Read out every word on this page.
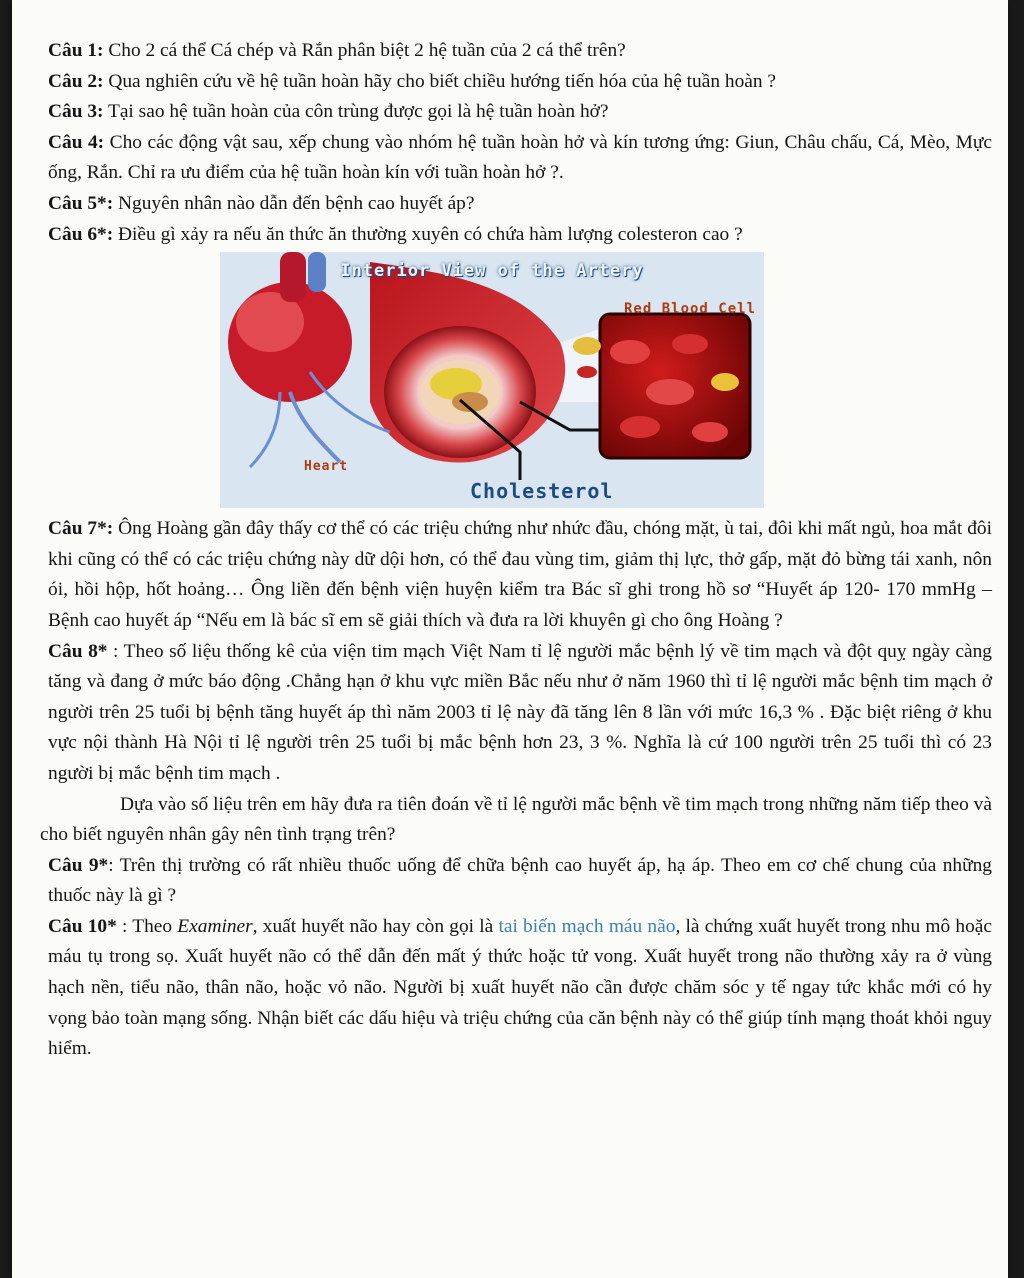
Câu 1: Cho 2 cá thể Cá chép và Rắn phân biệt 2 hệ tuần của 2 cá thể trên?

Câu 2: Qua nghiên cứu về hệ tuần hoàn hãy cho biết chiều hướng tiến hóa của hệ tuần hoàn ?

Câu 3: Tại sao hệ tuần hoàn của côn trùng được gọi là hệ tuần hoàn hở?

Câu 4: Cho các động vật sau, xếp chung vào nhóm hệ tuần hoàn hở và kín tương ứng: Giun, Châu chấu, Cá, Mèo, Mực ống, Rắn. Chỉ ra ưu điểm của hệ tuần hoàn kín với tuần hoàn hở ?.

Câu 5*: Nguyên nhân nào dẫn đến bệnh cao huyết áp?

Câu 6*: Điều gì xảy ra nếu ăn thức ăn thường xuyên có chứa hàm lượng colesteron cao ?

Interior View of the Artery
Red Blood Cell
Heart
Cholesterol

Câu 7*: Ông Hoàng gần đây thấy cơ thể có các triệu chứng như nhức đầu, chóng mặt, ù tai, đôi khi mất ngủ, hoa mắt đôi khi cũng có thể có các triệu chứng này dữ dội hơn, có thể đau vùng tim, giảm thị lực, thở gấp, mặt đỏ bừng tái xanh, nôn ói, hồi hộp, hốt hoảng… Ông liền đến bệnh viện huyện kiểm tra Bác sĩ ghi trong hồ sơ “Huyết áp 120- 170 mmHg – Bệnh cao huyết áp “Nếu em là bác sĩ em sẽ giải thích và đưa ra lời khuyên gì cho ông Hoàng ?

Câu 8* : Theo số liệu thống kê của viện tim mạch Việt Nam tỉ lệ người mắc bệnh lý về tim mạch và đột quỵ ngày càng tăng và đang ở mức báo động .Chẳng hạn ở khu vực miền Bắc nếu như ở năm 1960 thì tỉ lệ người mắc bệnh tim mạch ở người trên 25 tuổi bị bệnh tăng huyết áp thì năm 2003 tỉ lệ này đã tăng lên 8 lần với mức 16,3 % . Đặc biệt riêng ở khu vực nội thành Hà Nội tỉ lệ người trên 25 tuổi bị mắc bệnh hơn 23, 3 %. Nghĩa là cứ 100 người trên 25 tuổi thì có 23 người bị mắc bệnh tim mạch .

Dựa vào số liệu trên em hãy đưa ra tiên đoán về tỉ lệ người mắc bệnh về tim mạch trong những năm tiếp theo và cho biết nguyên nhân gây nên tình trạng trên?

Câu 9*: Trên thị trường có rất nhiều thuốc uống để chữa bệnh cao huyết áp, hạ áp. Theo em cơ chế chung của những thuốc này là gì ?

Câu 10* : Theo Examiner, xuất huyết não hay còn gọi là tai biến mạch máu não, là chứng xuất huyết trong nhu mô hoặc máu tụ trong sọ. Xuất huyết não có thể dẫn đến mất ý thức hoặc tử vong. Xuất huyết trong não thường xảy ra ở vùng hạch nền, tiểu não, thân não, hoặc vỏ não. Người bị xuất huyết não cần được chăm sóc y tế ngay tức khắc mới có hy vọng bảo toàn mạng sống. Nhận biết các dấu hiệu và triệu chứng của căn bệnh này có thể giúp tính mạng thoát khỏi nguy hiểm.
